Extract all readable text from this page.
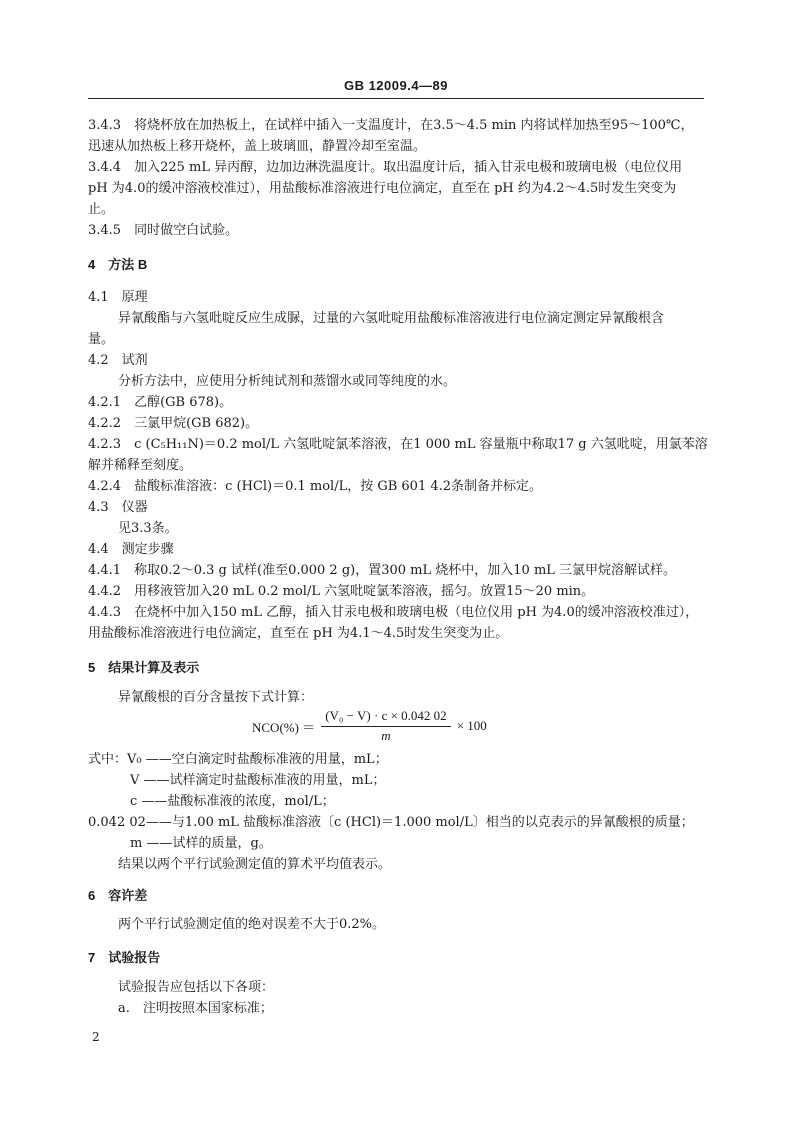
GB 12009.4—89
3.4.3　将烧杯放在加热板上，在试样中插入一支温度计，在3.5～4.5 min 内将试样加热至95～100℃，
迅速从加热板上移开烧杯，盖上玻璃皿，静置冷却至室温。
3.4.4　加入225 mL 异丙醇，边加边淋洗温度计。取出温度计后，插入甘汞电极和玻璃电极（电位仪用
pH 为4.0的缓冲溶液校准过），用盐酸标准溶液进行电位滴定，直至在 pH 约为4.2～4.5时发生突变为
止。
3.4.5　同时做空白试验。
4　方法 B
4.1　原理
异氰酸酯与六氢吡啶反应生成脲，过量的六氢吡啶用盐酸标准溶液进行电位滴定测定异氰酸根含
量。
4.2　试剂
分析方法中，应使用分析纯试剂和蒸馏水或同等纯度的水。
4.2.1　乙醇(GB 678)。
4.2.2　三氯甲烷(GB 682)。
4.2.3　c (C₅H₁₁N)＝0.2 mol/L 六氢吡啶氯苯溶液，在1 000 mL 容量瓶中称取17 g 六氢吡啶，用氯苯溶
解并稀释至刻度。
4.2.4　盐酸标准溶液：c (HCl)＝0.1 mol/L，按 GB 601 4.2条制备并标定。
4.3　仪器
见3.3条。
4.4　测定步骤
4.4.1　称取0.2～0.3 g 试样(准至0.000 2 g)，置300 mL 烧杯中，加入10 mL 三氯甲烷溶解试样。
4.4.2　用移液管加入20 mL 0.2 mol/L 六氢吡啶氯苯溶液，摇匀。放置15～20 min。
4.4.3　在烧杯中加入150 mL 乙醇，插入甘汞电极和玻璃电极（电位仪用 pH 为4.0的缓冲溶液校准过），
用盐酸标准溶液进行电位滴定，直至在 pH 为4.1～4.5时发生突变为止。
5　结果计算及表示
异氰酸根的百分含量按下式计算：
$NCO(\%) = \frac{\text{(V₀ − V) · c × 0.042 02}}{m} \times 100$
式中：V₀ ——空白滴定时盐酸标准液的用量，mL；
V ——试样滴定时盐酸标准液的用量，mL；
c ——盐酸标准液的浓度，mol/L；
0.042 02——与1.00 mL 盐酸标准溶液〔c (HCl)＝1.000 mol/L〕相当的以克表示的异氰酸根的质量；
m ——试样的质量，g。
结果以两个平行试验测定值的算术平均值表示。
6　容许差
两个平行试验测定值的绝对误差不大于0.2%。
7　试验报告
试验报告应包括以下各项：
a.　注明按照本国家标准；
2
